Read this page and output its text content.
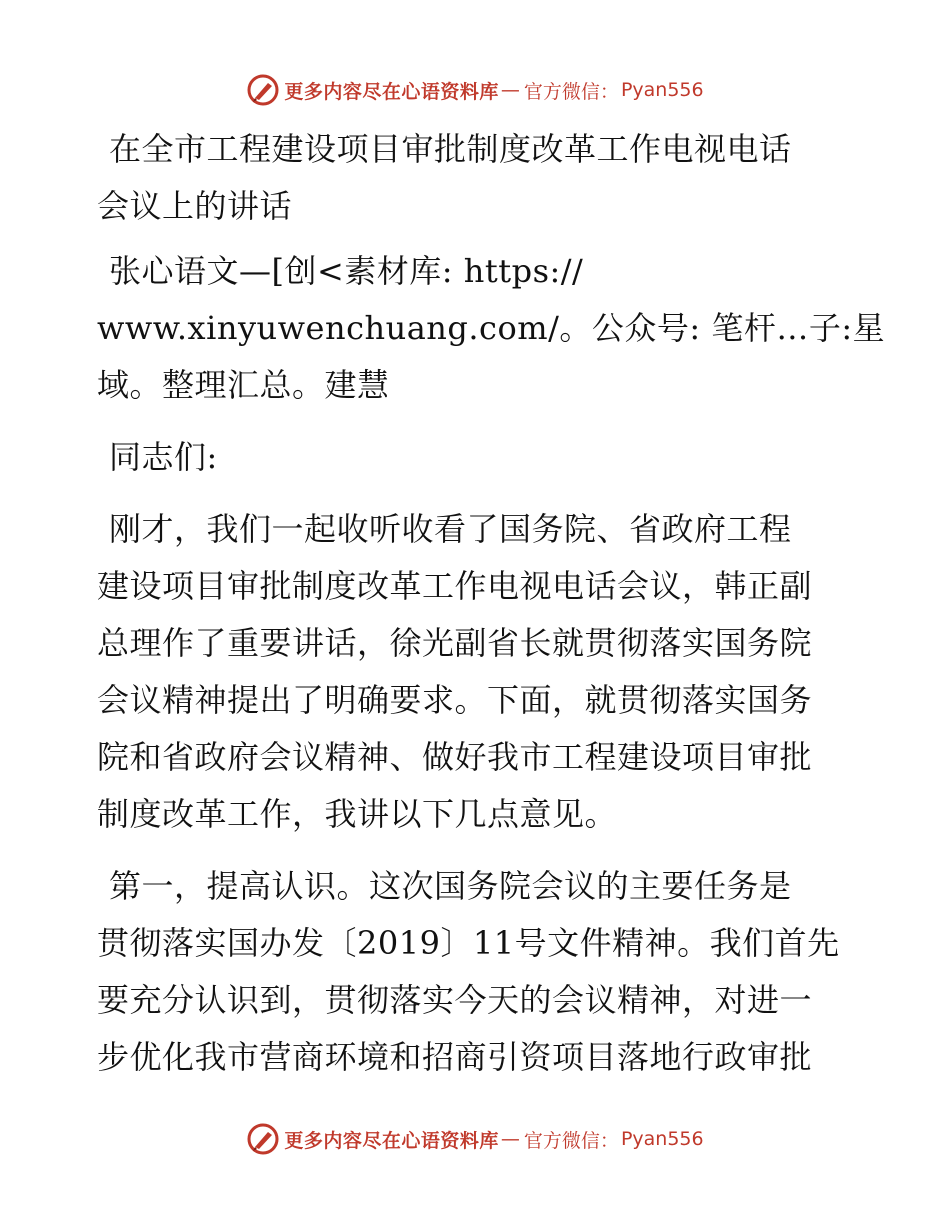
更多内容尽在心语资料库 — 官方微信： Pyan556
在全市工程建设项目审批制度改革工作电视电话
会议上的讲话
张心语文—[创<素材库: https://
www.xinyuwenchuang.com/。公众号: 笔杆…子:星
域。整理汇总。建慧
同志们:
刚才，我们一起收听收看了国务院、省政府工程
建设项目审批制度改革工作电视电话会议，韩正副
总理作了重要讲话，徐光副省长就贯彻落实国务院
会议精神提出了明确要求。下面，就贯彻落实国务
院和省政府会议精神、做好我市工程建设项目审批
制度改革工作，我讲以下几点意见。
第一，提高认识。这次国务院会议的主要任务是
贯彻落实国办发〔2019〕11号文件精神。我们首先
要充分认识到，贯彻落实今天的会议精神，对进一
步优化我市营商环境和招商引资项目落地行政审批
更多内容尽在心语资料库 — 官方微信： Pyan556
